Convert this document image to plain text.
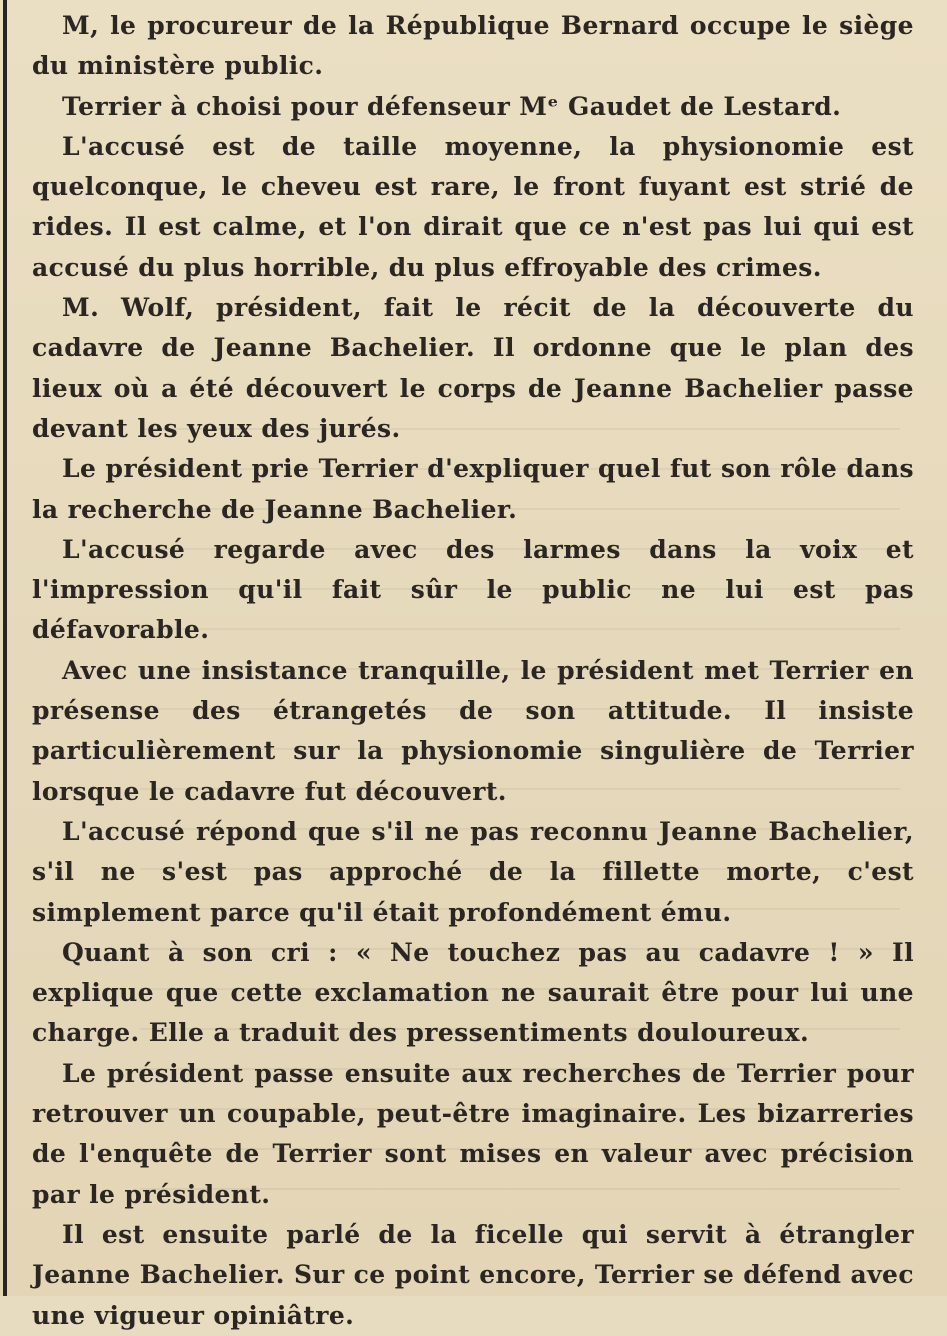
M, le procureur de la République Bernard occupe le siège du ministère public.

Terrier à choisi pour défenseur Mᵉ Gaudet de Lestard.

L'accusé est de taille moyenne, la physionomie est quelconque, le cheveu est rare, le front fuyant est strié de rides. Il est calme, et l'on dirait que ce n'est pas lui qui est accusé du plus horrible, du plus effroyable des crimes.

M. Wolf, président, fait le récit de la découverte du cadavre de Jeanne Bachelier. Il ordonne que le plan des lieux où a été découvert le corps de Jeanne Bachelier passe devant les yeux des jurés.

Le président prie Terrier d'expliquer quel fut son rôle dans la recherche de Jeanne Bachelier.

L'accusé regarde avec des larmes dans la voix et l'impression qu'il fait sûr le public ne lui est pas défavorable.

Avec une insistance tranquille, le président met Terrier en présense des étrangetés de son attitude. Il insiste particulièrement sur la physionomie singulière de Terrier lorsque le cadavre fut découvert.

L'accusé répond que s'il ne pas reconnu Jeanne Bachelier, s'il ne s'est pas approché de la fillette morte, c'est simplement parce qu'il était profondément ému.

Quant à son cri : « Ne touchez pas au cadavre ! » Il explique que cette exclamation ne saurait être pour lui une charge. Elle a traduit des pressentiments douloureux.

Le président passe ensuite aux recherches de Terrier pour retrouver un coupable, peut-être imaginaire. Les bizarreries de l'enquête de Terrier sont mises en valeur avec précision par le président.

Il est ensuite parlé de la ficelle qui servit à étrangler Jeanne Bachelier. Sur ce point encore, Terrier se défend avec une vigueur opiniâtre.
